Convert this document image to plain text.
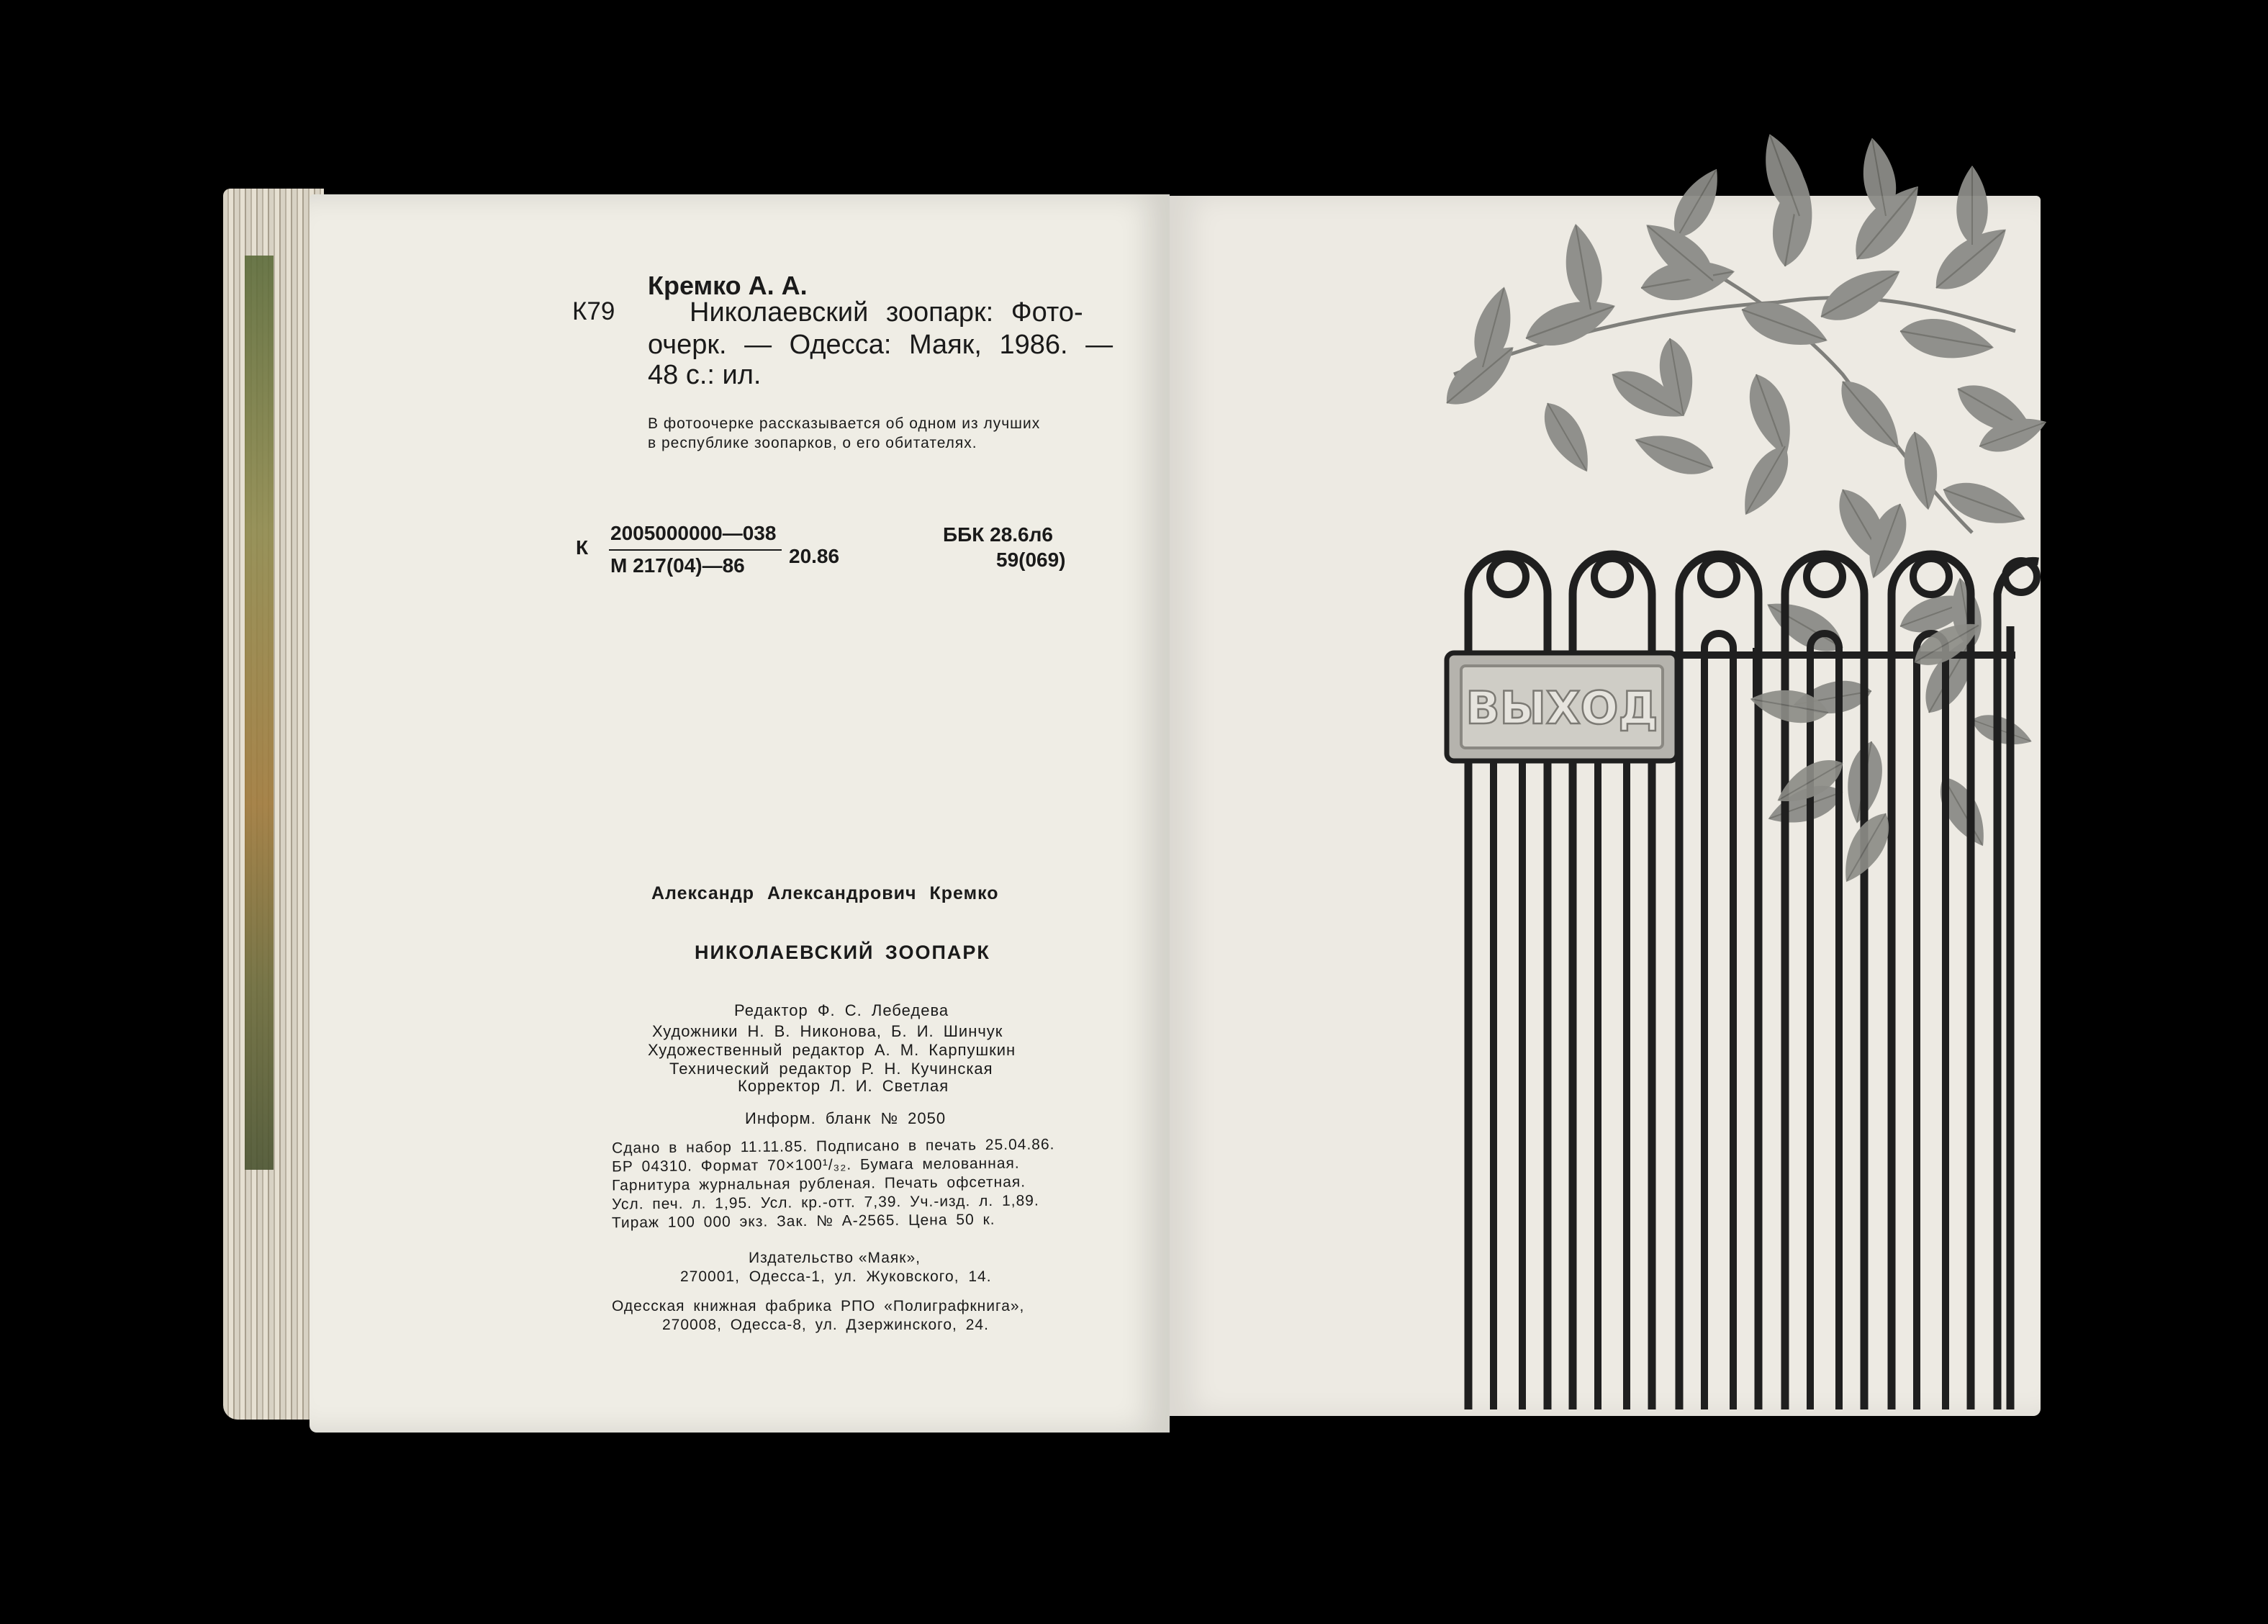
Кремко А. А.
К79	Николаевский зоопарк: Фото-
очерк. — Одесса: Маяк, 1986. —
48 с.: ил.
В фотоочерке рассказывается об одном из лучших
в республике зоопарков, о его обитателях.
К
2005000000—038
М 217(04)—86 20.86
ББК 28.6л6
59(069)
Александр Александрович Кремко
НИКОЛАЕВСКИЙ ЗООПАРК
Редактор Ф. С. Лебедева
Художники Н. В. Никонова, Б. И. Шинчук
Художественный редактор А. М. Карпушкин
Технический редактор Р. Н. Кучинская
Корректор Л. И. Светлая
Информ. бланк № 2050
Сдано в набор 11.11.85. Подписано в печать 25.04.86.
БР 04310. Формат 70×100¹/₃₂. Бумага мелованная.
Гарнитура журнальная рубленая. Печать офсетная.
Усл. печ. л. 1,95. Усл. кр.-отт. 7,39. Уч.-изд. л. 1,89.
Тираж 100 000 экз. Зак. № А-2565. Цена 50 к.
Издательство «Маяк»,
270001, Одесса-1, ул. Жуковского, 14.
Одесская книжная фабрика РПО «Полиграфкнига»,
270008, Одесса-8, ул. Дзержинского, 24.
ВЫХОД
